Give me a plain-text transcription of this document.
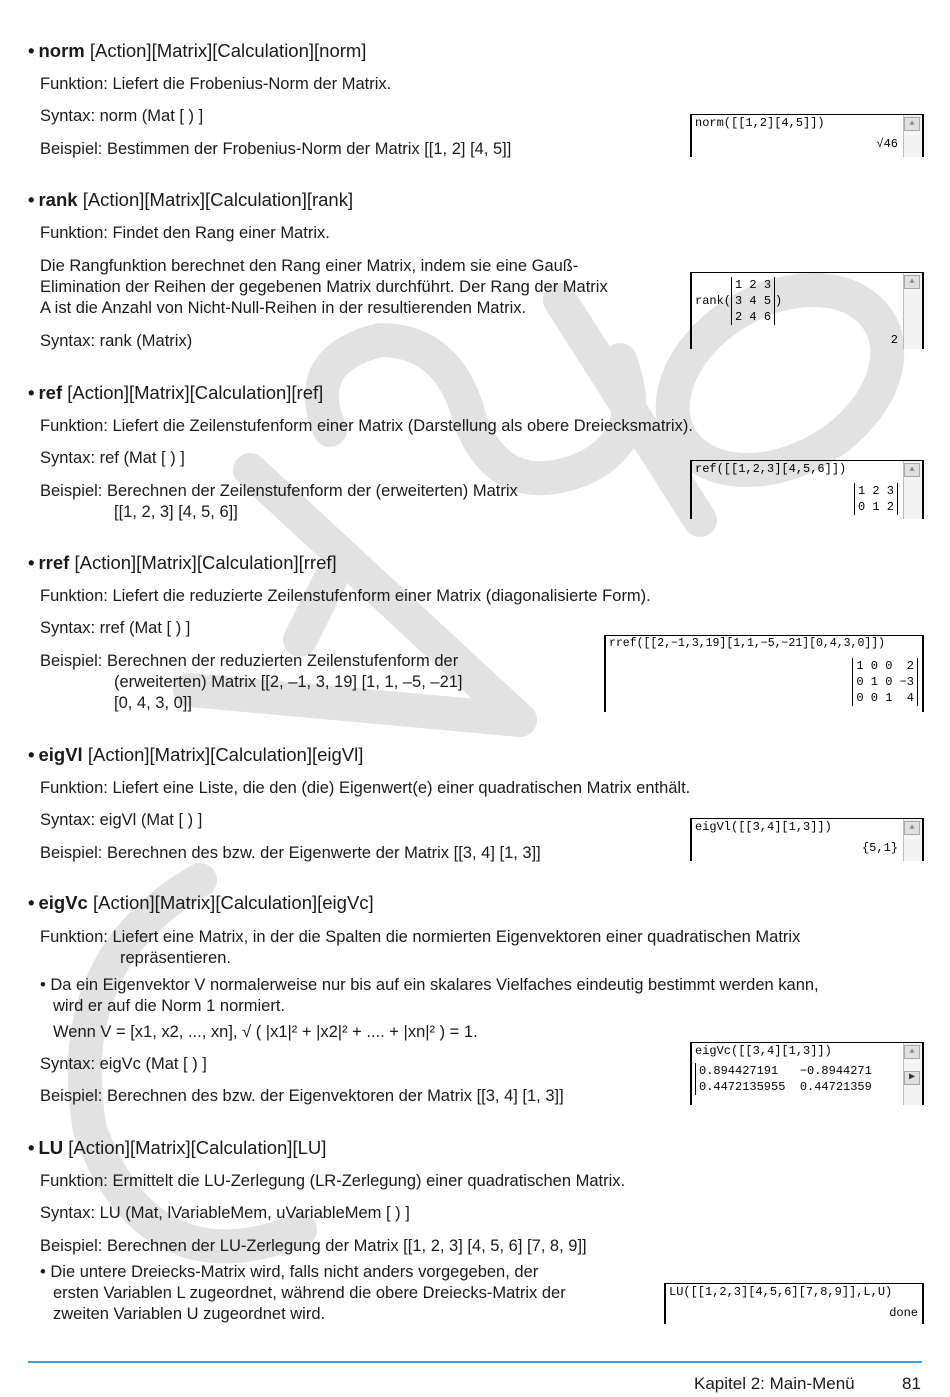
• norm [Action][Matrix][Calculation][norm]
Funktion: Liefert die Frobenius-Norm der Matrix.
Syntax: norm (Mat [ ) ]
Beispiel: Bestimmen der Frobenius-Norm der Matrix [[1, 2] [4, 5]]
norm([[1,2][4,5]])
√46
▲
• rank [Action][Matrix][Calculation][rank]
Funktion: Findet den Rang einer Matrix.
Die Rangfunktion berechnet den Rang einer Matrix, indem sie eine Gauß-
Elimination der Reihen der gegebenen Matrix durchführt. Der Rang der Matrix
A ist die Anzahl von Nicht-Null-Reihen in der resultierenden Matrix.
Syntax: rank (Matrix)
rank(
1 2 3
3 4 5
2 4 6
)
2
▲
• ref [Action][Matrix][Calculation][ref]
Funktion: Liefert die Zeilenstufenform einer Matrix (Darstellung als obere Dreiecksmatrix).
Syntax: ref (Mat [ ) ]
Beispiel: Berechnen der Zeilenstufenform der (erweiterten) Matrix
[[1, 2, 3] [4, 5, 6]]
ref([[1,2,3][4,5,6]])
1 2 3
0 1 2
▲
• rref [Action][Matrix][Calculation][rref]
Funktion: Liefert die reduzierte Zeilenstufenform einer Matrix (diagonalisierte Form).
Syntax: rref (Mat [ ) ]
Beispiel: Berechnen der reduzierten Zeilenstufenform der
(erweiterten) Matrix [[2, –1, 3, 19] [1, 1, –5, –21]
[0, 4, 3, 0]]
rref([[2,−1,3,19][1,1,−5,−21][0,4,3,0]])
1 0 0  2
0 1 0 −3
0 0 1  4
• eigVl [Action][Matrix][Calculation][eigVl]
Funktion: Liefert eine Liste, die den (die) Eigenwert(e) einer quadratischen Matrix enthält.
Syntax: eigVl (Mat [ ) ]
Beispiel: Berechnen des bzw. der Eigenwerte der Matrix [[3, 4] [1, 3]]
eigVl([[3,4][1,3]])
{5,1}
▲
• eigVc [Action][Matrix][Calculation][eigVc]
Funktion: Liefert eine Matrix, in der die Spalten die normierten Eigenvektoren einer quadratischen Matrix
repräsentieren.
• Da ein Eigenvektor V normalerweise nur bis auf ein skalares Vielfaches eindeutig bestimmt werden kann,
wird er auf die Norm 1 normiert.
Wenn V = [x1, x2, ..., xn], √ ( |x1|² + |x2|² + .... + |xn|² ) = 1.
Syntax: eigVc (Mat [ ) ]
Beispiel: Berechnen des bzw. der Eigenvektoren der Matrix [[3, 4] [1, 3]]
eigVc([[3,4][1,3]])
0.894427191   −0.8944271
0.4472135955  0.44721359
▲
▶
• LU [Action][Matrix][Calculation][LU]
Funktion: Ermittelt die LU-Zerlegung (LR-Zerlegung) einer quadratischen Matrix.
Syntax: LU (Mat, lVariableMem, uVariableMem [ ) ]
Beispiel: Berechnen der LU-Zerlegung der Matrix [[1, 2, 3] [4, 5, 6] [7, 8, 9]]
• Die untere Dreiecks-Matrix wird, falls nicht anders vorgegeben, der
ersten Variablen L zugeordnet, während die obere Dreiecks-Matrix der
zweiten Variablen U zugeordnet wird.
LU([[1,2,3][4,5,6][7,8,9]],L,U)
done
Kapitel 2: Main-Menü	81
